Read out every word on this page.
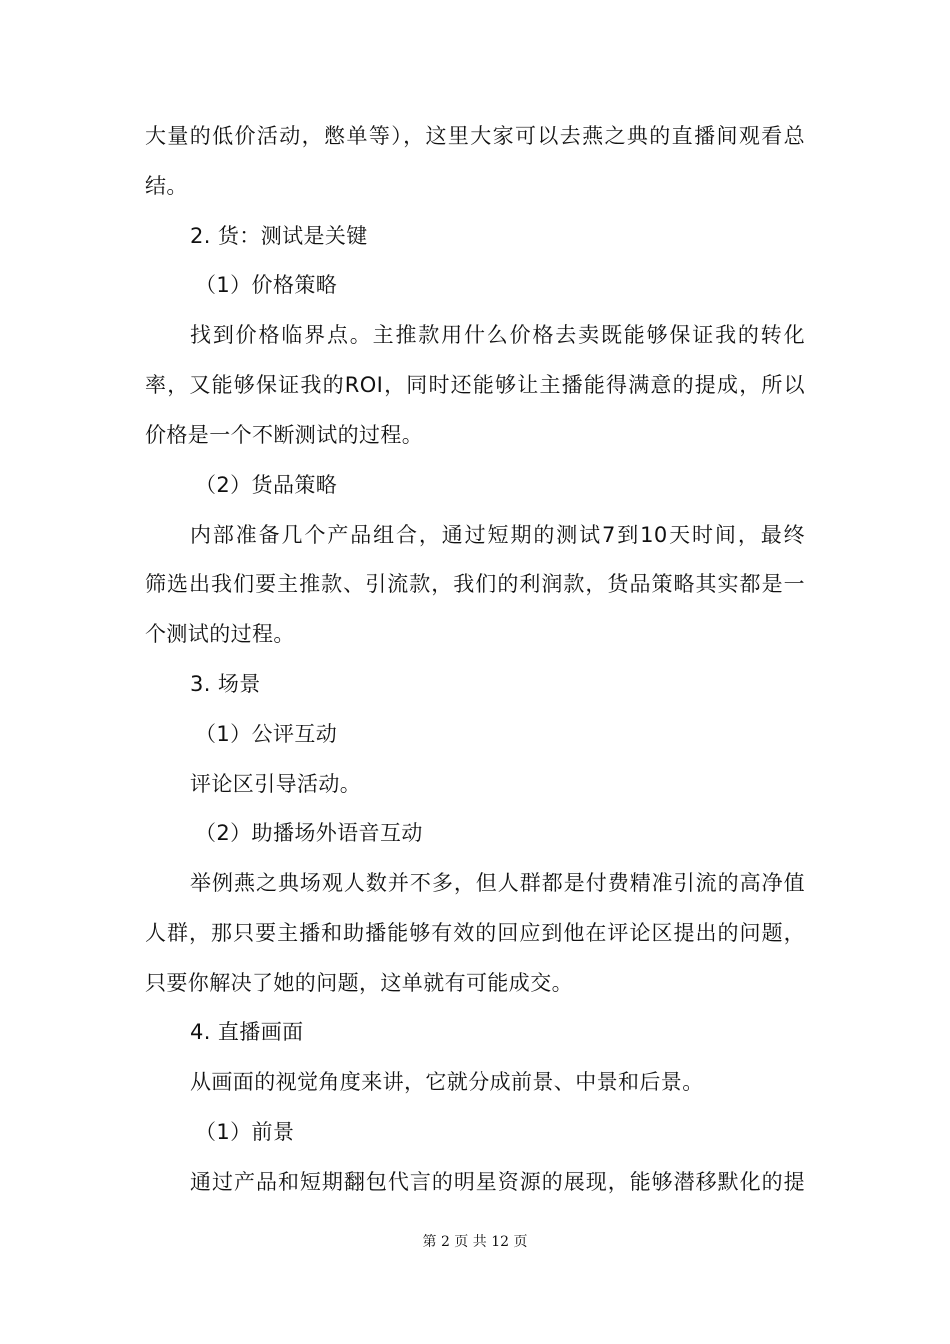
大量的低价活动，憋单等），这里大家可以去燕之典的直播间观看总
结。
2. 货：测试是关键
（1）价格策略
找到价格临界点。主推款用什么价格去卖既能够保证我的转化
率，又能够保证我的ROI，同时还能够让主播能得满意的提成，所以
价格是一个不断测试的过程。
（2）货品策略
内部准备几个产品组合，通过短期的测试7到10天时间，最终
筛选出我们要主推款、引流款，我们的利润款，货品策略其实都是一
个测试的过程。
3. 场景
（1）公评互动
评论区引导活动。
（2）助播场外语音互动
举例燕之典场观人数并不多，但人群都是付费精准引流的高净值
人群，那只要主播和助播能够有效的回应到他在评论区提出的问题，
只要你解决了她的问题，这单就有可能成交。
4. 直播画面
从画面的视觉角度来讲，它就分成前景、中景和后景。
（1）前景
通过产品和短期翻包代言的明星资源的展现，能够潜移默化的提
第 2 页 共 12 页
